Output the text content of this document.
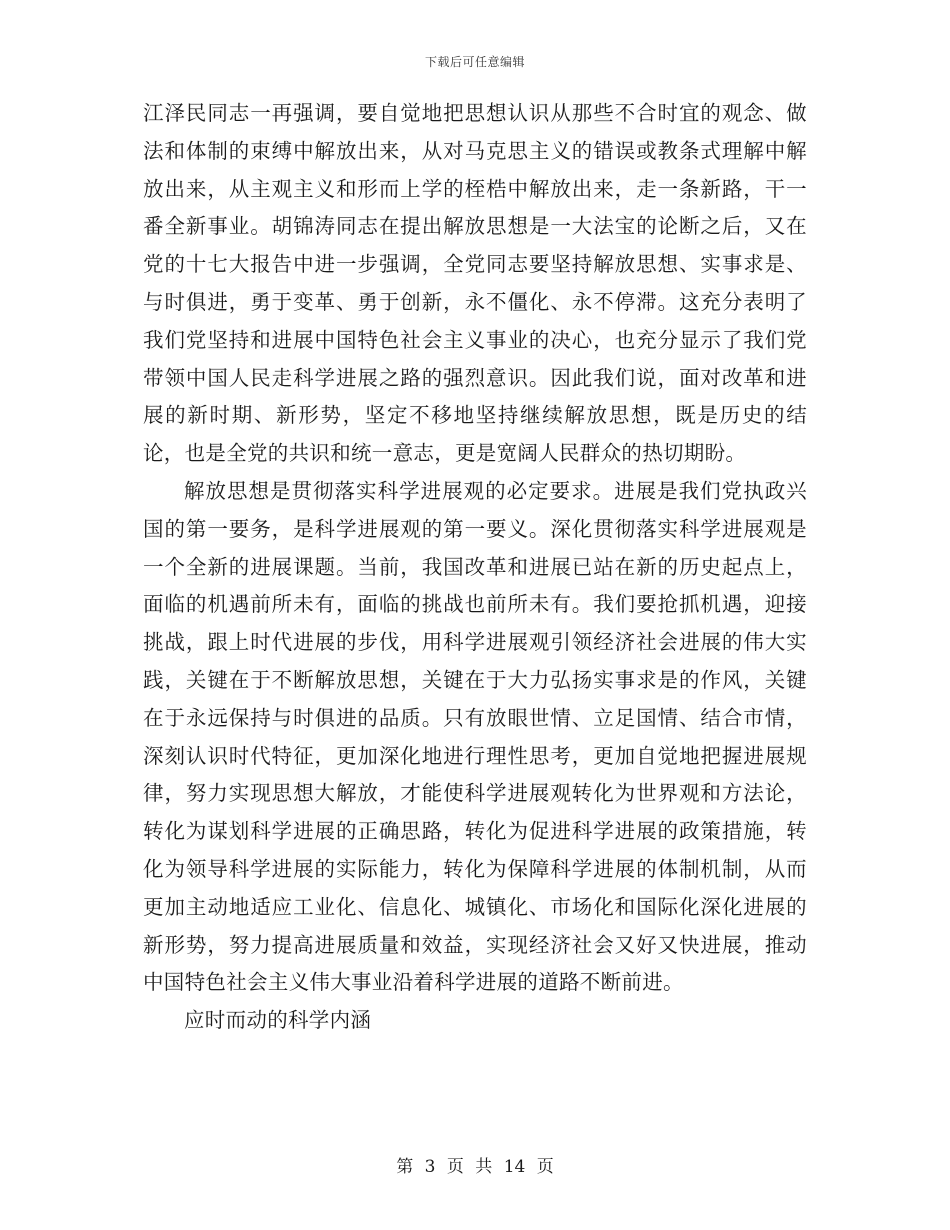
下载后可任意编辑

江泽民同志一再强调，要自觉地把思想认识从那些不合时宜的观念、做法和体制的束缚中解放出来，从对马克思主义的错误或教条式理解中解放出来，从主观主义和形而上学的桎梏中解放出来，走一条新路，干一番全新事业。胡锦涛同志在提出解放思想是一大法宝的论断之后，又在党的十七大报告中进一步强调，全党同志要坚持解放思想、实事求是、与时俱进，勇于变革、勇于创新，永不僵化、永不停滞。这充分表明了我们党坚持和进展中国特色社会主义事业的决心，也充分显示了我们党带领中国人民走科学进展之路的强烈意识。因此我们说，面对改革和进展的新时期、新形势，坚定不移地坚持继续解放思想，既是历史的结论，也是全党的共识和统一意志，更是宽阔人民群众的热切期盼。

解放思想是贯彻落实科学进展观的必定要求。进展是我们党执政兴国的第一要务，是科学进展观的第一要义。深化贯彻落实科学进展观是一个全新的进展课题。当前，我国改革和进展已站在新的历史起点上，面临的机遇前所未有，面临的挑战也前所未有。我们要抢抓机遇，迎接挑战，跟上时代进展的步伐，用科学进展观引领经济社会进展的伟大实践，关键在于不断解放思想，关键在于大力弘扬实事求是的作风，关键在于永远保持与时俱进的品质。只有放眼世情、立足国情、结合市情，深刻认识时代特征，更加深化地进行理性思考，更加自觉地把握进展规律，努力实现思想大解放，才能使科学进展观转化为世界观和方法论，转化为谋划科学进展的正确思路，转化为促进科学进展的政策措施，转化为领导科学进展的实际能力，转化为保障科学进展的体制机制，从而更加主动地适应工业化、信息化、城镇化、市场化和国际化深化进展的新形势，努力提高进展质量和效益，实现经济社会又好又快进展，推动中国特色社会主义伟大事业沿着科学进展的道路不断前进。

应时而动的科学内涵

第 3 页 共 14 页
